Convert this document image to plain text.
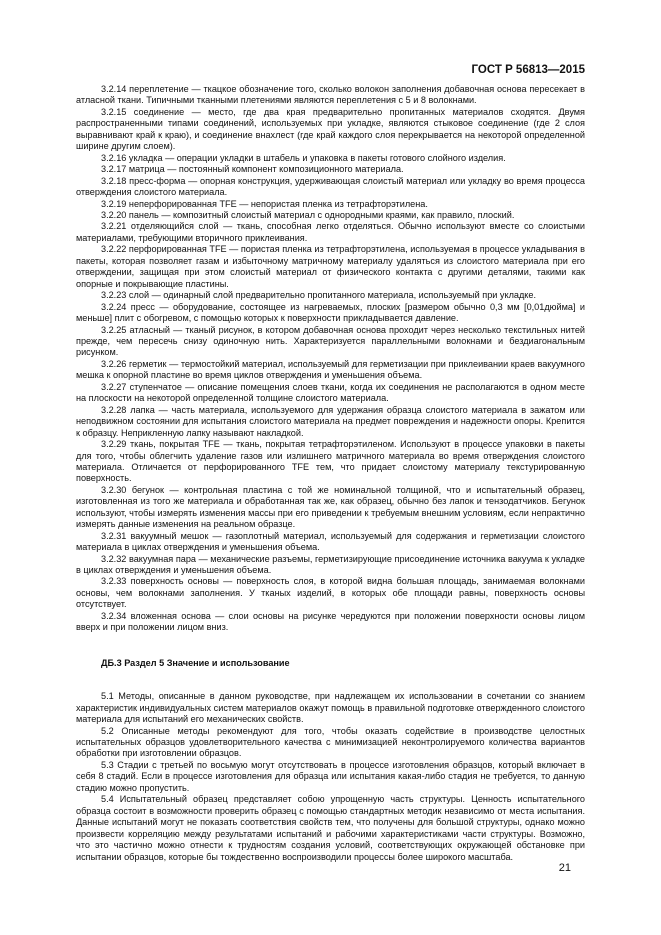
ГОСТ Р 56813—2015

3.2.14 переплетение — ткацкое обозначение того, сколько волокон заполнения добавочная основа пересекает в атласной ткани. Типичными тканными плетениями являются переплетения с 5 и 8 волокнами.

3.2.15 соединение — место, где два края предварительно пропитанных материалов сходятся. Двумя распространенными типами соединений, используемых при укладке, являются стыковое соединение (где 2 слоя выравнивают край к краю), и соединение внахлест (где край каждого слоя перекрывается на некоторой определенной ширине другим слоем).

3.2.16 укладка — операции укладки в штабель и упаковка в пакеты готового слойного изделия.

3.2.17 матрица — постоянный компонент композиционного материала.

3.2.18 пресс-форма — опорная конструкция, удерживающая слоистый материал или укладку во время процесса отверждения слоистого материала.

3.2.19 неперфорированная TFE — непористая пленка из тетрафторэтилена.

3.2.20 панель — композитный слоистый материал с однородными краями, как правило, плоский.

3.2.21 отделяющийся слой — ткань, способная легко отделяться. Обычно используют вместе со слоистыми материалами, требующими вторичного приклеивания.

3.2.22 перфорированная TFE — пористая пленка из тетрафторэтилена, используемая в процессе укладывания в пакеты, которая позволяет газам и избыточному матричному материалу удаляться из слоистого материала при его отверждении, защищая при этом слоистый материал от физического контакта с другими деталями, такими как опорные и покрывающие пластины.

3.2.23 слой — одинарный слой предварительно пропитанного материала, используемый при укладке.

3.2.24 пресс — оборудование, состоящее из нагреваемых, плоских [размером обычно 0,3 мм [0,01дюйма] и меньше] плит с обогревом, с помощью которых к поверхности прикладывается давление.

3.2.25 атласный — тканый рисунок, в котором добавочная основа проходит через несколько текстильных нитей прежде, чем пересечь снизу одиночную нить. Характеризуется параллельными волокнами и бездиагональным рисунком.

3.2.26 герметик — термостойкий материал, используемый для герметизации при приклеивании краев вакуумного мешка к опорной пластине во время циклов отверждения и уменьшения объема.

3.2.27 ступенчатое — описание помещения слоев ткани, когда их соединения не располагаются в одном месте на плоскости на некоторой определенной толщине слоистого материала.

3.2.28 лапка — часть материала, используемого для удержания образца слоистого материала в зажатом или неподвижном состоянии для испытания слоистого материала на предмет повреждения и надежности опоры. Крепится к образцу. Неприкленную лапку называют накладкой.

3.2.29 ткань, покрытая TFE — ткань, покрытая тетрафторэтиленом. Используют в процессе упаковки в пакеты для того, чтобы облегчить удаление газов или излишнего матричного материала во время отверждения слоистого материала. Отличается от перфорированного TFE тем, что придает слоистому материалу текстурированную поверхность.

3.2.30 бегунок — контрольная пластина с той же номинальной толщиной, что и испытательный образец, изготовленная из того же материала и обработанная так же, как образец, обычно без лапок и тензодатчиков. Бегунок используют, чтобы измерять изменения массы при его приведении к требуемым внешним условиям, если непрактично измерять данные изменения на реальном образце.

3.2.31 вакуумный мешок — газоплотный материал, используемый для содержания и герметизации слоистого материала в циклах отверждения и уменьшения объема.

3.2.32 вакуумная пара — механические разъемы, герметизирующие присоединение источника вакуума к укладке в циклах отверждения и уменьшения объема.

3.2.33 поверхность основы — поверхность слоя, в которой видна большая площадь, занимаемая волокнами основы, чем волокнами заполнения. У тканых изделий, в которых обе площади равны, поверхность основы отсутствует.

3.2.34 вложенная основа — слои основы на рисунке чередуются при положении поверхности основы лицом вверх и при положении лицом вниз.

ДБ.3 Раздел 5 Значение и использование

5.1 Методы, описанные в данном руководстве, при надлежащем их использовании в сочетании со знанием характеристик индивидуальных систем материалов окажут помощь в правильной подготовке отвержденного слоистого материала для испытаний его механических свойств.

5.2 Описанные методы рекомендуют для того, чтобы оказать содействие в производстве целостных испытательных образцов удовлетворительного качества с минимизацией неконтролируемого количества вариантов обработки при изготовлении образцов.

5.3 Стадии с третьей по восьмую могут отсутствовать в процессе изготовления образцов, который включает в себя 8 стадий. Если в процессе изготовления для образца или испытания какая-либо стадия не требуется, то данную стадию можно пропустить.

5.4 Испытательный образец представляет собою упрощенную часть структуры. Ценность испытательного образца состоит в возможности проверить образец с помощью стандартных методик независимо от места испытания. Данные испытаний могут не показать соответствия свойств тем, что получены для большой структуры, однако можно произвести корреляцию между результатами испытаний и рабочими характеристиками части структуры. Возможно, что это частично можно отнести к трудностям создания условий, соответствующих окружающей обстановке при испытании образцов, которые бы тождественно воспроизводили процессы более широкого масштаба.

21
